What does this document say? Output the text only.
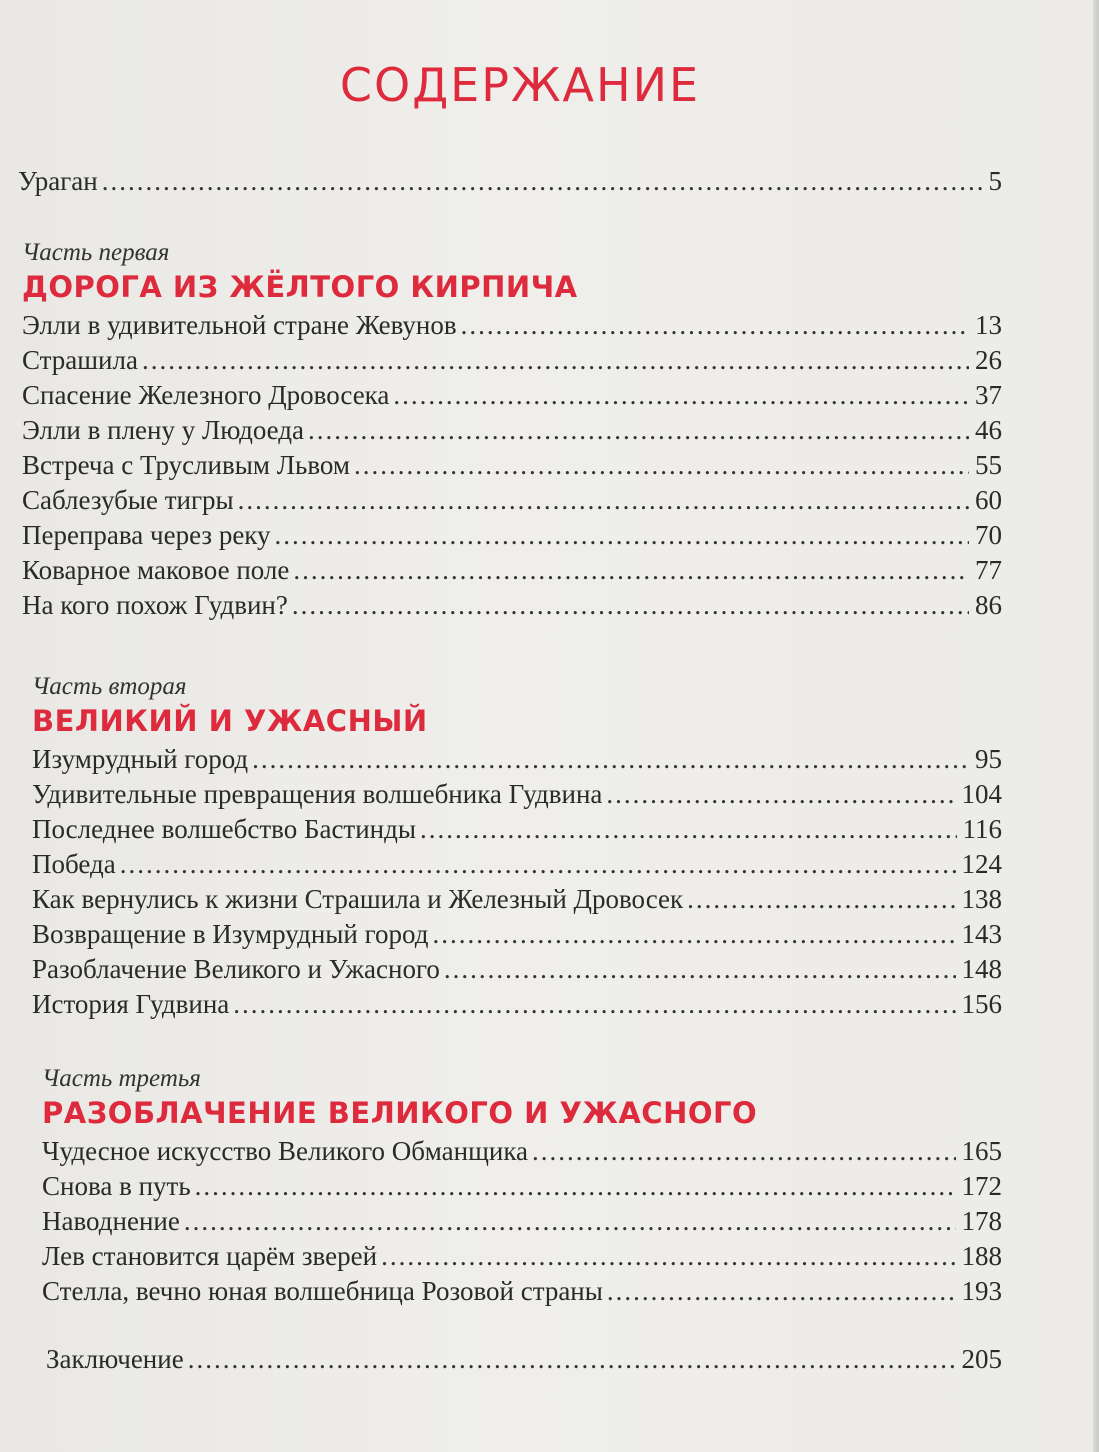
СОДЕРЖАНИЕ
Ураган .....	5
Часть первая
ДОРОГА ИЗ ЖЁЛТОГО КИРПИЧА
Элли в удивительной стране Жевунов .....	13
Страшила .....	26
Спасение Железного Дровосека .....	37
Элли в плену у Людоеда .....	46
Встреча с Трусливым Львом .....	55
Саблезубые тигры .....	60
Переправа через реку .....	70
Коварное маковое поле .....	77
На кого похож Гудвин? .....	86
Часть вторая
ВЕЛИКИЙ И УЖАСНЫЙ
Изумрудный город .....	95
Удивительные превращения волшебника Гудвина .....	104
Последнее волшебство Бастинды .....	116
Победа .....	124
Как вернулись к жизни Страшила и Железный Дровосек .....	138
Возвращение в Изумрудный город .....	143
Разоблачение Великого и Ужасного .....	148
История Гудвина .....	156
Часть третья
РАЗОБЛАЧЕНИЕ ВЕЛИКОГО И УЖАСНОГО
Чудесное искусство Великого Обманщика .....	165
Снова в путь .....	172
Наводнение .....	178
Лев становится царём зверей .....	188
Стелла, вечно юная волшебница Розовой страны .....	193
Заключение .....	205
